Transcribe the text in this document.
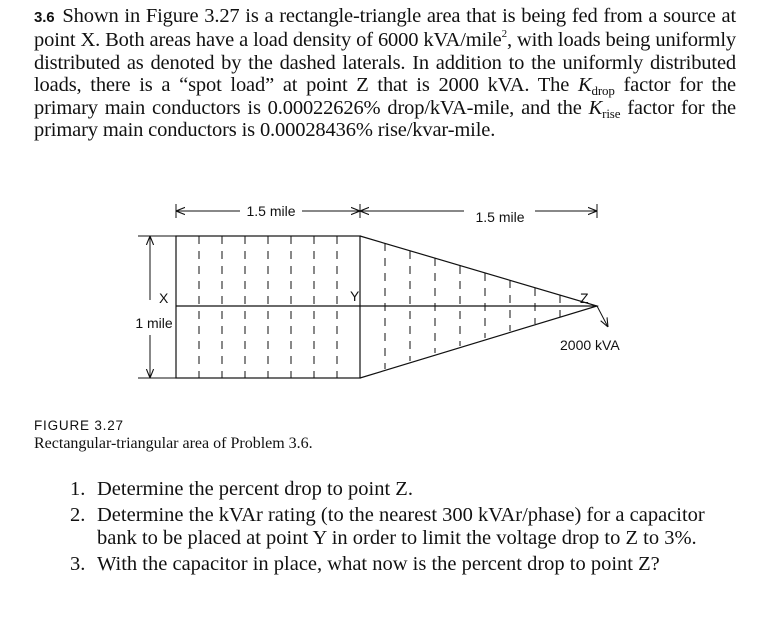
3.6 Shown in Figure 3.27 is a rectangle-triangle area that is being fed from a source at point X. Both areas have a load density of 6000 kVA/mile$^2$, with loads being uniformly distributed as denoted by the dashed laterals. In addition to the uniformly distributed loads, there is a “spot load” at point Z that is 2000 kVA. The $K_{drop}$ factor for the primary main conductors is 0.00022626% drop/kVA-mile, and the $K_{rise}$ factor for the primary main conductors is 0.00028436% rise/kvar-mile.
1.5 mile	1.5 mile
1 mile
X	Y	Z
2000 kVA
FIGURE 3.27
Rectangular-triangular area of Problem 3.6.
1. Determine the percent drop to point Z.
2. Determine the kVAr rating (to the nearest 300 kVAr/phase) for a capacitor bank to be placed at point Y in order to limit the voltage drop to Z to 3%.
3. With the capacitor in place, what now is the percent drop to point Z?
